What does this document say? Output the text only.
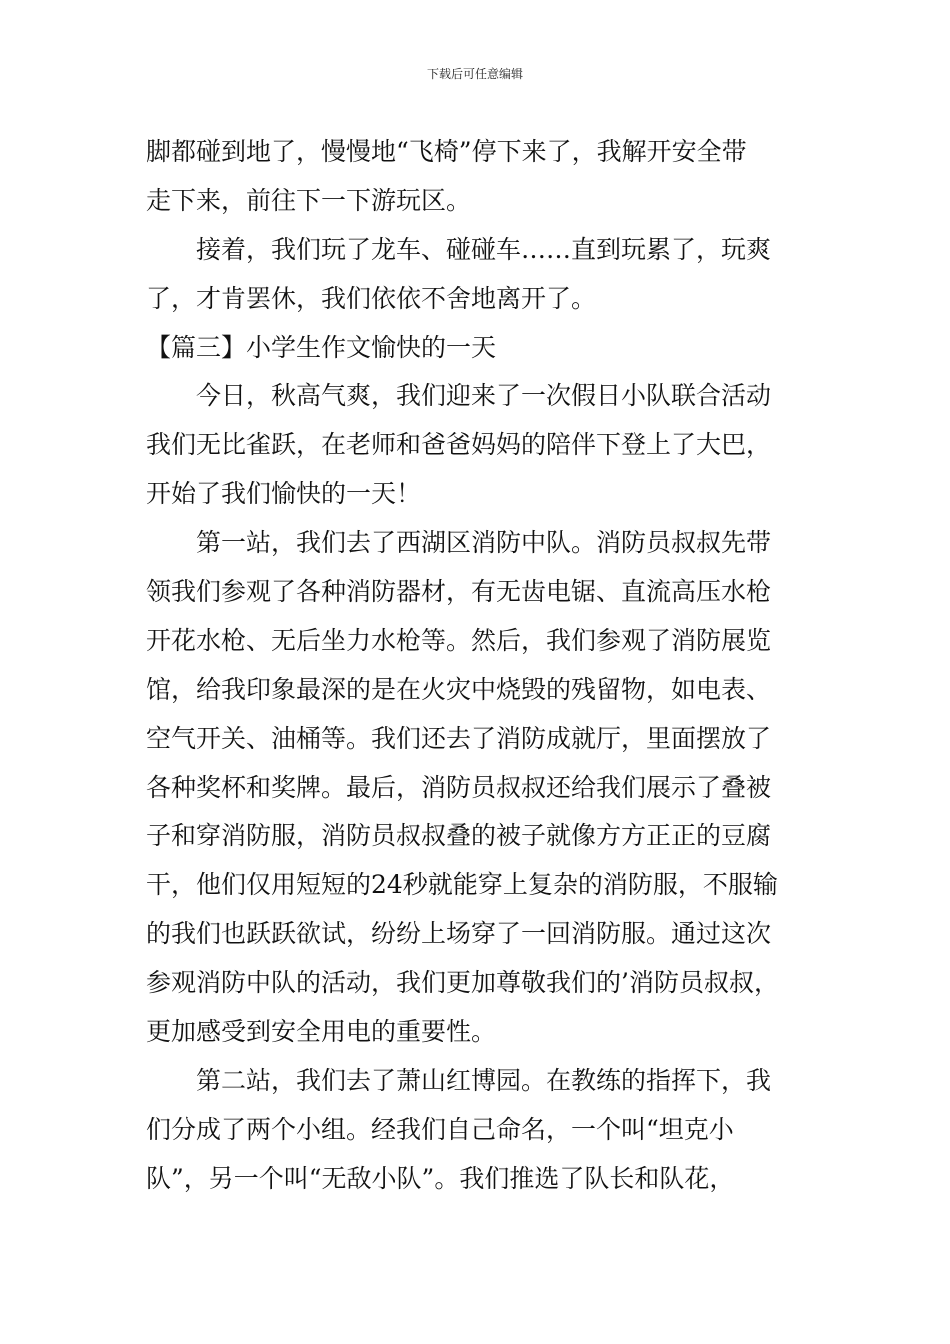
下载后可任意编辑
脚都碰到地了，慢慢地“飞椅”停下来了，我解开安全带
走下来，前往下一下游玩区。
　　接着，我们玩了龙车、碰碰车……直到玩累了，玩爽
了，才肯罢休，我们依依不舍地离开了。
【篇三】小学生作文愉快的一天
　　今日，秋高气爽，我们迎来了一次假日小队联合活动
我们无比雀跃，在老师和爸爸妈妈的陪伴下登上了大巴，
开始了我们愉快的一天！
　　第一站，我们去了西湖区消防中队。消防员叔叔先带
领我们参观了各种消防器材，有无齿电锯、直流高压水枪
开花水枪、无后坐力水枪等。然后，我们参观了消防展览
馆，给我印象最深的是在火灾中烧毁的残留物，如电表、
空气开关、油桶等。我们还去了消防成就厅，里面摆放了
各种奖杯和奖牌。最后，消防员叔叔还给我们展示了叠被
子和穿消防服，消防员叔叔叠的被子就像方方正正的豆腐
干，他们仅用短短的24秒就能穿上复杂的消防服，不服输
的我们也跃跃欲试，纷纷上场穿了一回消防服。通过这次
参观消防中队的活动，我们更加尊敬我们的’消防员叔叔，
更加感受到安全用电的重要性。
　　第二站，我们去了萧山红博园。在教练的指挥下，我
们分成了两个小组。经我们自己命名，一个叫“坦克小
队”，另一个叫“无敌小队”。我们推选了队长和队花，
